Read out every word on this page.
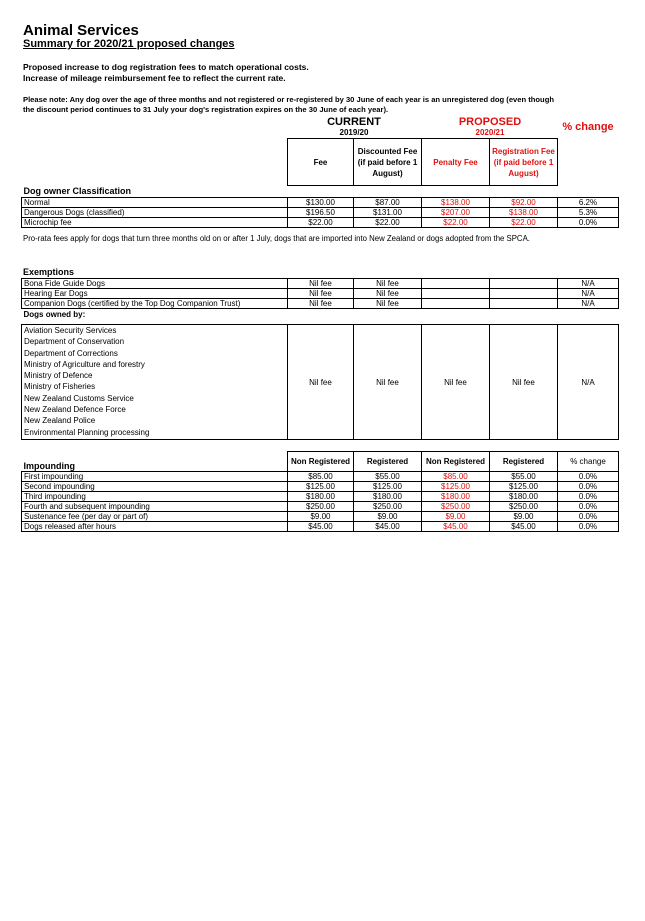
Animal Services
Summary for 2020/21 proposed changes
Proposed increase to dog registration fees to match operational costs.
Increase of mileage reimbursement fee to reflect the current rate.
Please note: Any dog over the age of three months and not registered or re-registered by 30 June of each year is an unregistered dog (even though
the discount period continues to 31 July your dog's registration expires on the 30 June of each year).
CURRENT
2019/20
PROPOSED
2020/21	% change
	Fee	Discounted Fee (if paid before 1 August)	Penalty Fee	Registration Fee (if paid before 1 August)	
Dog owner Classification					
Normal	$130.00	$87.00	$138.00	$92.00	6.2%
Dangerous Dogs (classified)	$196.50	$131.00	$207.00	$138.00	5.3%
Microchip fee	$22.00	$22.00	$22.00	$22.00	0.0%
Pro-rata fees apply for dogs that turn three months old on or after 1 July, dogs that are imported into New Zealand or dogs adopted from the SPCA.
Exemptions
Bona Fide Guide Dogs	Nil fee	Nil fee			N/A
Hearing Ear Dogs	Nil fee	Nil fee			N/A
Companion Dogs (certified by the Top Dog Companion Trust)	Nil fee	Nil fee			N/A
Dogs owned by:					
Aviation Security Services
Department of Conservation
Department of Corrections
Ministry of Agriculture and forestry
Ministry of Defence
Ministry of Fisheries
New Zealand Customs Service
New Zealand Defence Force
New Zealand Police
Environmental Planning processing
	Nil fee	Nil fee	Nil fee	Nil fee	N/A
Impounding	Non Registered	Registered	Non Registered	Registered	% change
First impounding	$85.00	$55.00	$85.00	$55.00	0.0%
Second impounding	$125.00	$125.00	$125.00	$125.00	0.0%
Third impounding	$180.00	$180.00	$180.00	$180.00	0.0%
Fourth and subsequent impounding	$250.00	$250.00	$250.00	$250.00	0.0%
Sustenance fee (per day or part of)	$9.00	$9.00	$9.00	$9.00	0.0%
Dogs released after hours	$45.00	$45.00	$45.00	$45.00	0.0%
